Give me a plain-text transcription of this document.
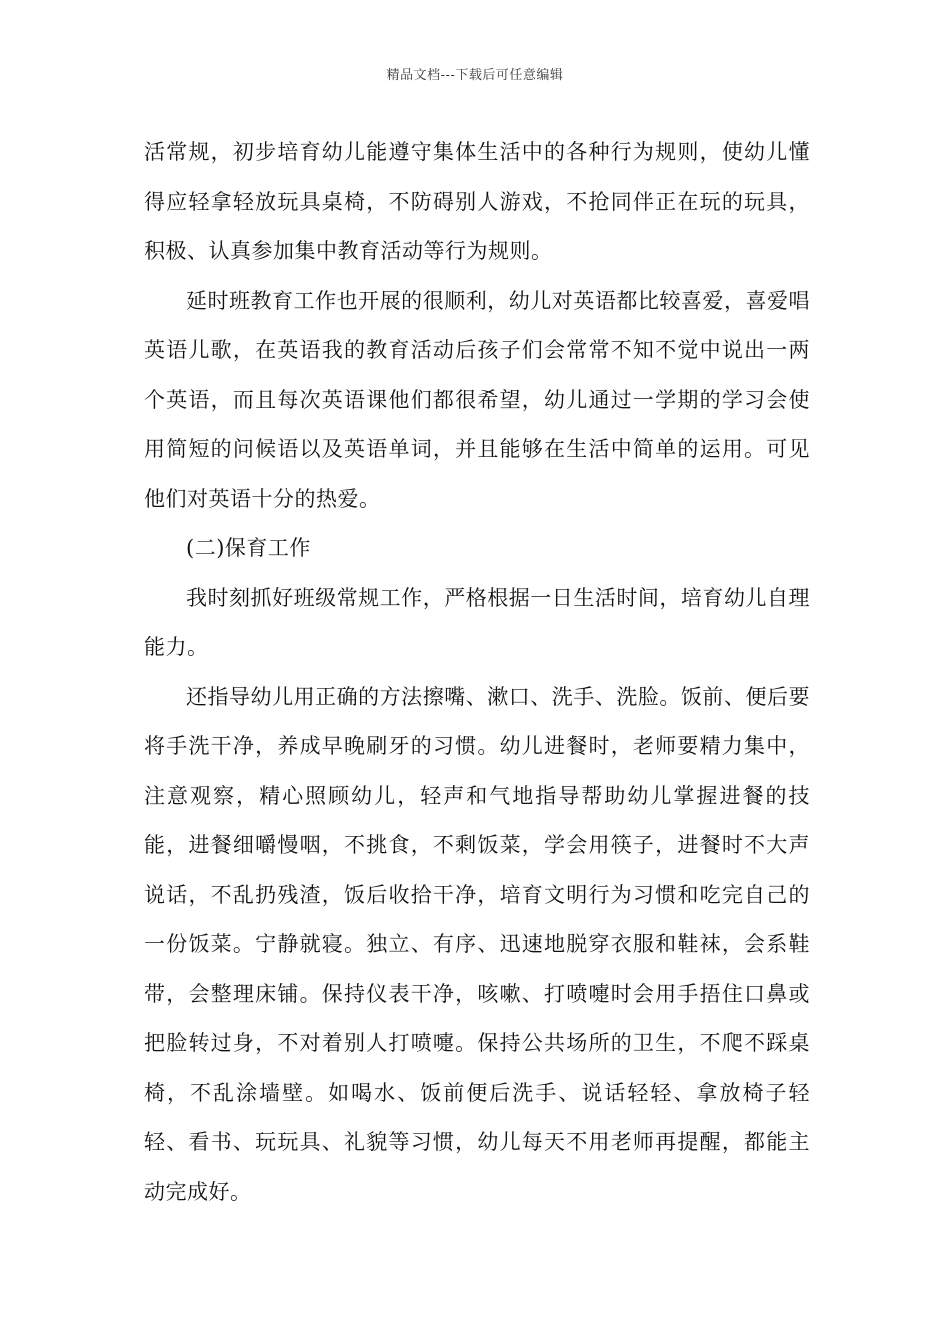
精品文档---下载后可任意编辑

活常规，初步培育幼儿能遵守集体生活中的各种行为规则，使幼儿懂得应轻拿轻放玩具桌椅，不防碍别人游戏，不抢同伴正在玩的玩具，积极、认真参加集中教育活动等行为规则。

延时班教育工作也开展的很顺利，幼儿对英语都比较喜爱，喜爱唱英语儿歌，在英语我的教育活动后孩子们会常常不知不觉中说出一两个英语，而且每次英语课他们都很希望，幼儿通过一学期的学习会使用简短的问候语以及英语单词，并且能够在生活中简单的运用。可见他们对英语十分的热爱。

(二)保育工作

我时刻抓好班级常规工作，严格根据一日生活时间，培育幼儿自理能力。

还指导幼儿用正确的方法擦嘴、漱口、洗手、洗脸。饭前、便后要将手洗干净，养成早晚刷牙的习惯。幼儿进餐时，老师要精力集中，注意观察，精心照顾幼儿，轻声和气地指导帮助幼儿掌握进餐的技能，进餐细嚼慢咽，不挑食，不剩饭菜，学会用筷子，进餐时不大声说话，不乱扔残渣，饭后收拾干净，培育文明行为习惯和吃完自己的一份饭菜。宁静就寝。独立、有序、迅速地脱穿衣服和鞋袜，会系鞋带，会整理床铺。保持仪表干净，咳嗽、打喷嚏时会用手捂住口鼻或把脸转过身，不对着别人打喷嚏。保持公共场所的卫生，不爬不踩桌椅，不乱涂墙壁。如喝水、饭前便后洗手、说话轻轻、拿放椅子轻轻、看书、玩玩具、礼貌等习惯，幼儿每天不用老师再提醒，都能主动完成好。
